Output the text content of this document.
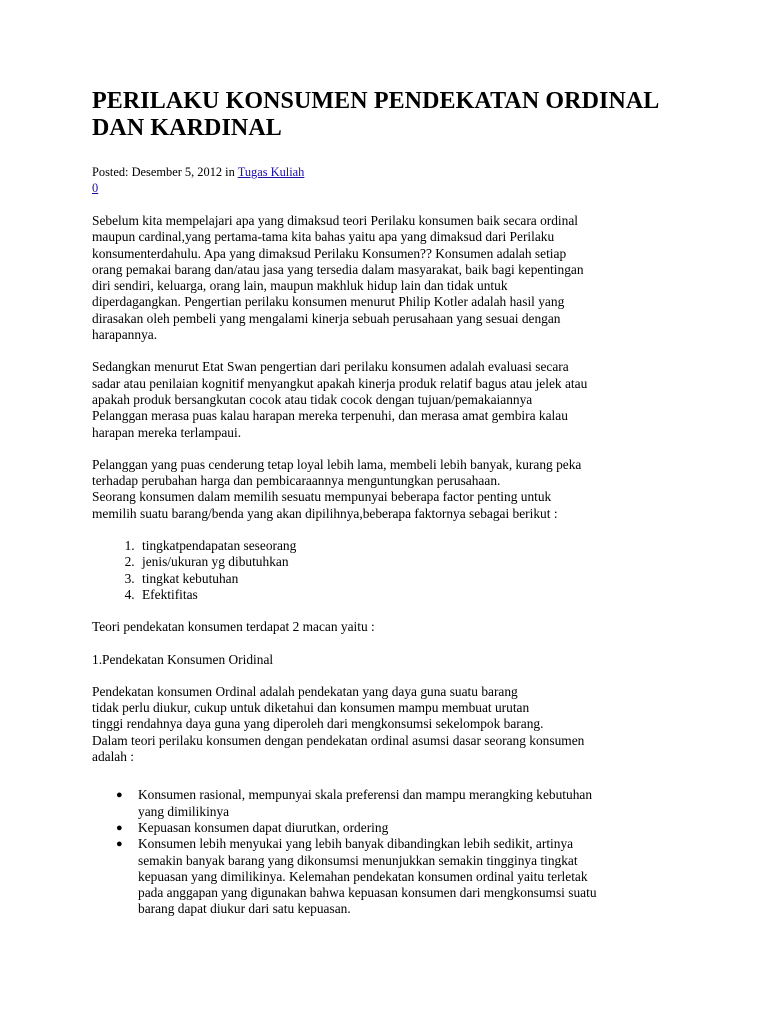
PERILAKU KONSUMEN PENDEKATAN ORDINAL DAN KARDINAL
Posted: Desember 5, 2012 in Tugas Kuliah
0
Sebelum kita mempelajari apa yang dimaksud teori Perilaku konsumen baik secara ordinal
maupun cardinal,yang pertama-tama kita bahas yaitu apa yang dimaksud dari Perilaku
konsumenterdahulu. Apa yang dimaksud Perilaku Konsumen?? Konsumen adalah setiap
orang pemakai barang dan/atau jasa yang tersedia dalam masyarakat, baik bagi kepentingan
diri sendiri, keluarga, orang lain, maupun makhluk hidup lain dan tidak untuk
diperdagangkan. Pengertian perilaku konsumen menurut Philip Kotler adalah hasil yang
dirasakan oleh pembeli yang mengalami kinerja sebuah perusahaan yang sesuai dengan
harapannya.
Sedangkan menurut Etat Swan pengertian dari perilaku konsumen adalah evaluasi secara
sadar atau penilaian kognitif menyangkut apakah kinerja produk relatif bagus atau jelek atau
apakah produk bersangkutan cocok atau tidak cocok dengan tujuan/pemakaiannya
Pelanggan merasa puas kalau harapan mereka terpenuhi, dan merasa amat gembira kalau
harapan mereka terlampaui.
Pelanggan yang puas cenderung tetap loyal lebih lama, membeli lebih banyak, kurang peka
terhadap perubahan harga dan pembicaraannya menguntungkan perusahaan.
Seorang konsumen dalam memilih sesuatu mempunyai beberapa factor penting untuk
memilih suatu barang/benda yang akan dipilihnya,beberapa faktornya sebagai berikut :
1. tingkatpendapatan seseorang
2. jenis/ukuran yg dibutuhkan
3. tingkat kebutuhan
4. Efektifitas
Teori pendekatan konsumen terdapat 2 macan yaitu :
1.Pendekatan Konsumen Oridinal
Pendekatan konsumen Ordinal adalah pendekatan yang daya guna suatu barang
tidak perlu diukur, cukup untuk diketahui dan konsumen mampu membuat urutan
tinggi rendahnya daya guna yang diperoleh dari mengkonsumsi sekelompok barang.
Dalam teori perilaku konsumen dengan pendekatan ordinal asumsi dasar seorang konsumen
adalah :
● Konsumen rasional, mempunyai skala preferensi dan mampu merangking kebutuhan
yang dimilikinya
● Kepuasan konsumen dapat diurutkan, ordering
● Konsumen lebih menyukai yang lebih banyak dibandingkan lebih sedikit, artinya
semakin banyak barang yang dikonsumsi menunjukkan semakin tingginya tingkat
kepuasan yang dimilikinya. Kelemahan pendekatan konsumen ordinal yaitu terletak
pada anggapan yang digunakan bahwa kepuasan konsumen dari mengkonsumsi suatu
barang dapat diukur dari satu kepuasan.
